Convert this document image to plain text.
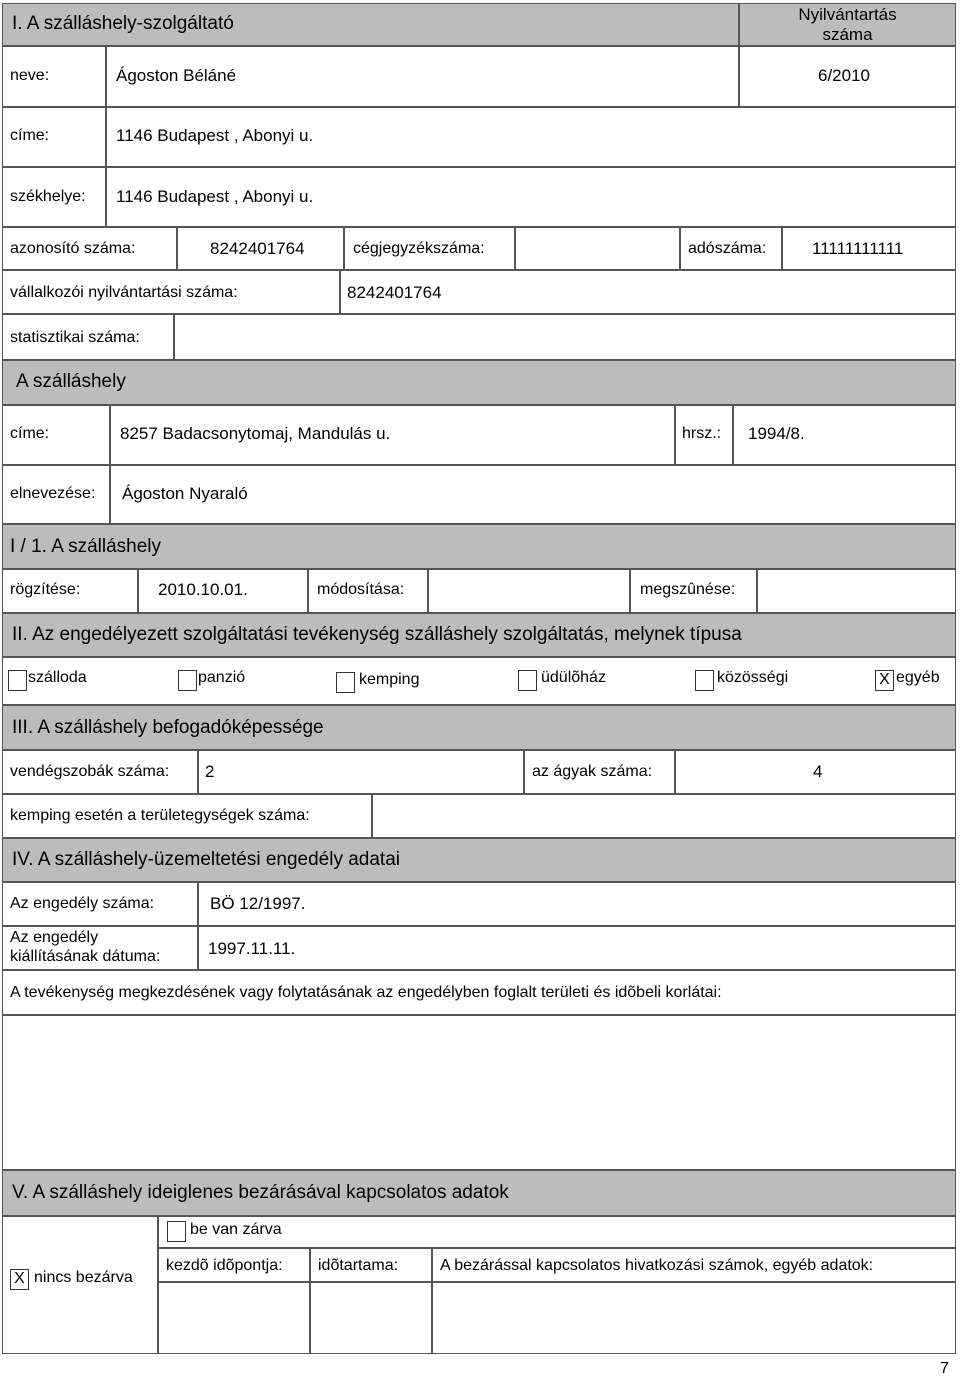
I. A szálláshely-szolgáltató	Nyilvántartás
száma
neve:	Ágoston Béláné	6/2010
címe:	1146 Budapest , Abonyi u.
székhelye: 1146 Budapest , Abonyi u.
azonosító száma:	8242401764	cégjegyzékszáma:	adószáma:	11111111111
vállalkozói nyilvántartási száma:	8242401764
statisztikai száma:
A szálláshely
címe:	8257 Badacsonytomaj, Mandulás u.	hrsz.: 1994/8.
elnevezése: Ágoston Nyaraló
I / 1. A szálláshely
rögzítése:	2010.10.01.	módosítása:	megszûnése:
II. Az engedélyezett szolgáltatási tevékenység szálláshely szolgáltatás, melynek típusa
szálloda	panzió	kemping	üdülõház	közösségi	X egyéb
III. A szálláshely befogadóképessége
vendégszobák száma: 2	az ágyak száma:	4
kemping esetén a területegységek száma:
IV. A szálláshely-üzemeltetési engedély adatai
Az engedély száma:	BÖ 12/1997.
Az engedély
kiállításának dátuma:	1997.11.11.
A tevékenység megkezdésének vagy folytatásának az engedélyben foglalt területi és idõbeli korlátai:
V. A szálláshely ideiglenes bezárásával kapcsolatos adatok
X nincs bezárva
be van zárva
kezdõ idõpontja: idõtartama:	A bezárással kapcsolatos hivatkozási számok, egyéb adatok:
7
